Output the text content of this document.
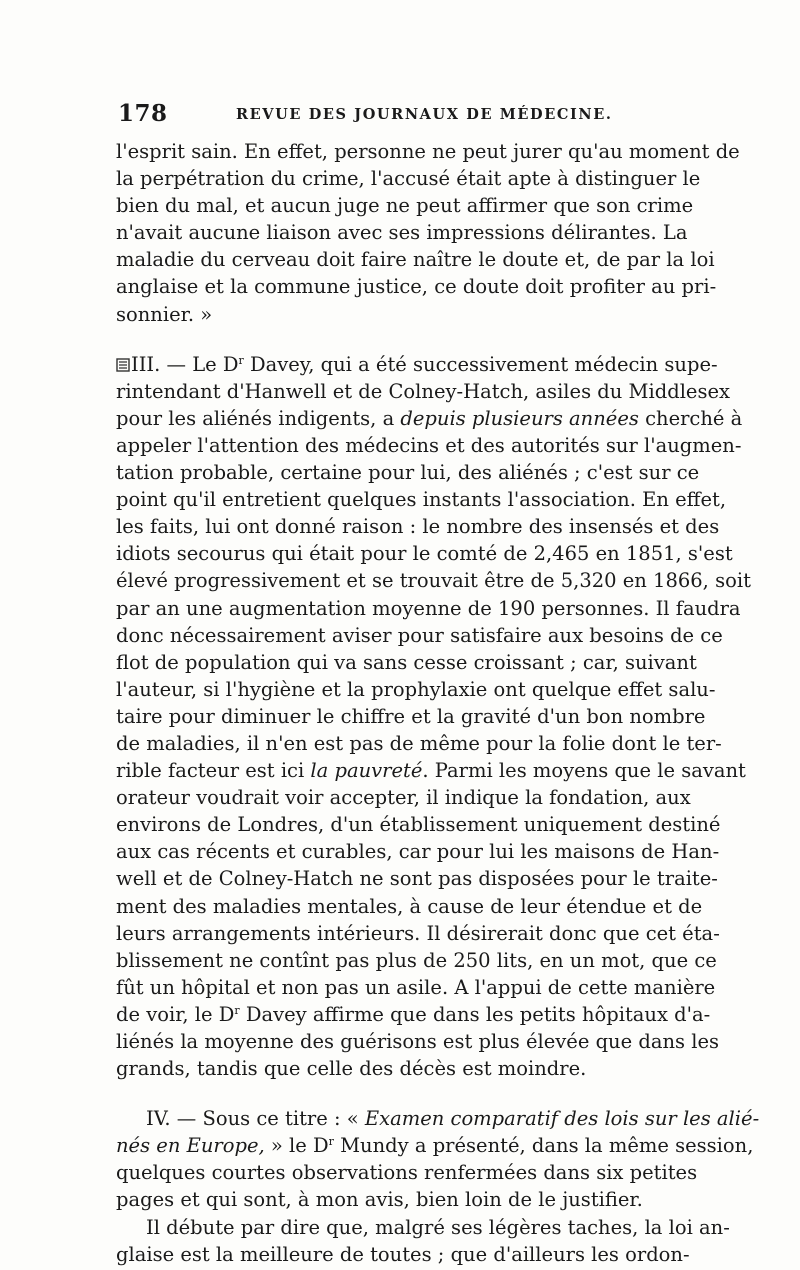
178	REVUE DES JOURNAUX DE MÉDECINE.
l'esprit sain. En effet, personne ne peut jurer qu'au moment de
la perpétration du crime, l'accusé était apte à distinguer le
bien du mal, et aucun juge ne peut affirmer que son crime
n'avait aucune liaison avec ses impressions délirantes. La
maladie du cerveau doit faire naître le doute et, de par la loi
anglaise et la commune justice, ce doute doit profiter au pri-
sonnier. »
III. — Le $D^r$ Davey, qui a été successivement médecin supe-
rintendant d'Hanwell et de Colney-Hatch, asiles du Middlesex
pour les aliénés indigents, a depuis plusieurs années cherché à
appeler l'attention des médecins et des autorités sur l'augmen-
tation probable, certaine pour lui, des aliénés ; c'est sur ce
point qu'il entretient quelques instants l'association. En effet,
les faits, lui ont donné raison : le nombre des insensés et des
idiots secourus qui était pour le comté de 2,465 en 1851, s'est
élevé progressivement et se trouvait être de 5,320 en 1866, soit
par an une augmentation moyenne de 190 personnes. Il faudra
donc nécessairement aviser pour satisfaire aux besoins de ce
flot de population qui va sans cesse croissant ; car, suivant
l'auteur, si l'hygiène et la prophylaxie ont quelque effet salu-
taire pour diminuer le chiffre et la gravité d'un bon nombre
de maladies, il n'en est pas de même pour la folie dont le ter-
rible facteur est ici la pauvreté. Parmi les moyens que le savant
orateur voudrait voir accepter, il indique la fondation, aux
environs de Londres, d'un établissement uniquement destiné
aux cas récents et curables, car pour lui les maisons de Han-
well et de Colney-Hatch ne sont pas disposées pour le traite-
ment des maladies mentales, à cause de leur étendue et de
leurs arrangements intérieurs. Il désirerait donc que cet éta-
blissement ne contînt pas plus de 250 lits, en un mot, que ce
fût un hôpital et non pas un asile. A l'appui de cette manière
de voir, le $D^r$ Davey affirme que dans les petits hôpitaux d'a-
liénés la moyenne des guérisons est plus élevée que dans les
grands, tandis que celle des décès est moindre.
IV. — Sous ce titre : « Examen comparatif des lois sur les alié-
nés en Europe, » le $D^r$ Mundy a présenté, dans la même session,
quelques courtes observations renfermées dans six petites
pages et qui sont, à mon avis, bien loin de le justifier.
Il débute par dire que, malgré ses légères taches, la loi an-
glaise est la meilleure de toutes ; que d'ailleurs les ordon-
